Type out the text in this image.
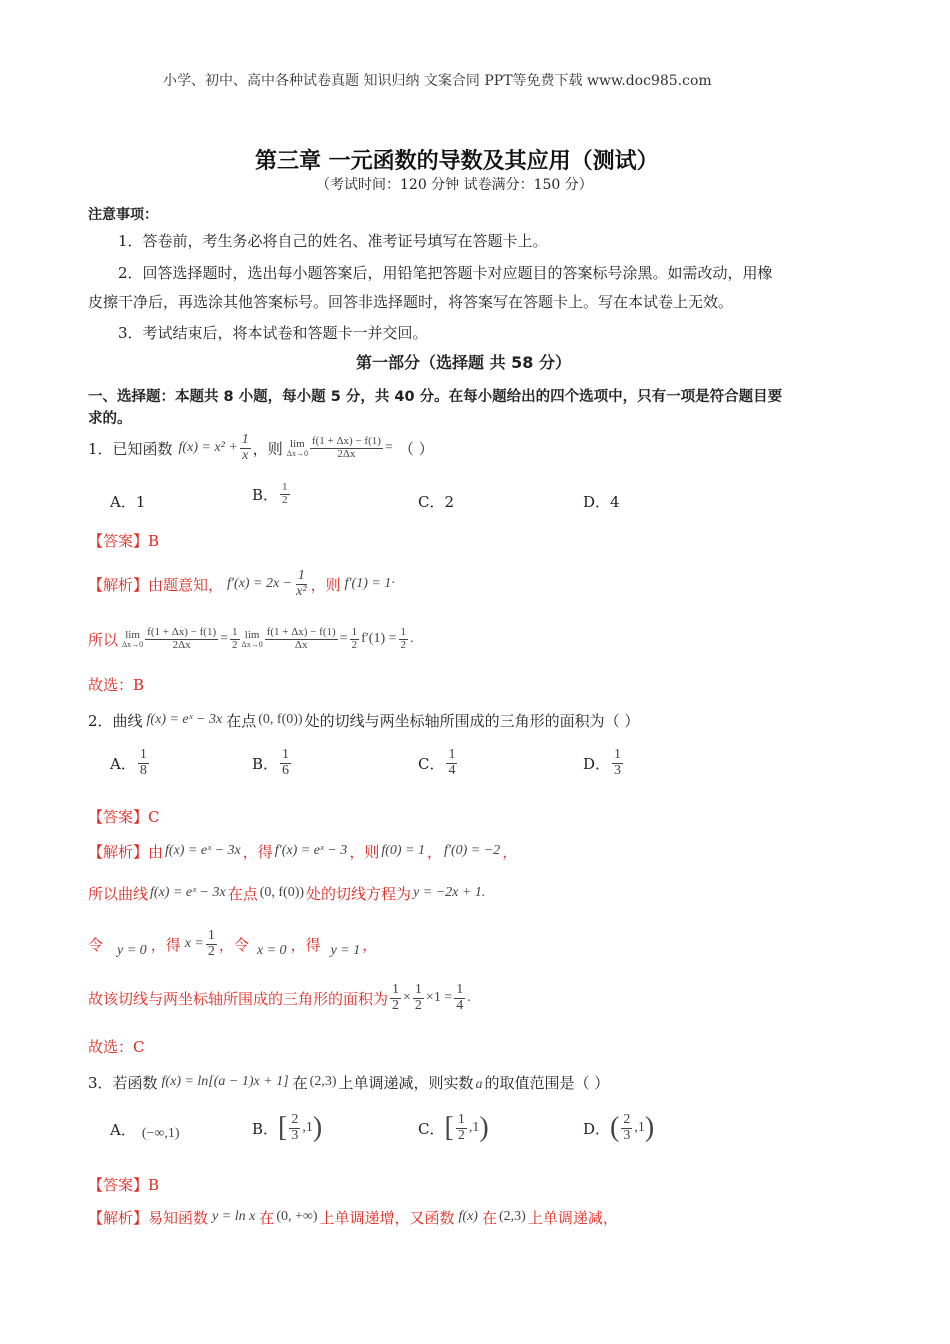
小学、初中、高中各种试卷真题 知识归纳 文案合同 PPT等免费下载 www.doc985.com
第三章 一元函数的导数及其应用（测试）
（考试时间：120 分钟 试卷满分：150 分）
注意事项：
1．答卷前，考生务必将自己的姓名、准考证号填写在答题卡上。
2．回答选择题时，选出每小题答案后，用铅笔把答题卡对应题目的答案标号涂黑。如需改动，用橡
皮擦干净后，再选涂其他答案标号。回答非选择题时，将答案写在答题卡上。写在本试卷上无效。
3．考试结束后，将本试卷和答题卡一并交回。
第一部分（选择题 共 58 分）
一、选择题：本题共 8 小题，每小题 5 分，共 40 分。在每小题给出的四个选项中，只有一项是符合题目要
求的。
1．已知函数 $f(x) = x^2 + \frac{1}{x}$ ，则 lim
$\Delta x\to 0 \frac{f(1 + \Delta x) - f(1)}{2\Delta x}$ = （ ）
A．1	B． $\frac{1}{2}$	C．2	D．4
【答案】B
【解析】 由题意知， $f'(x) = 2x - \frac{1}{\text{x²}}$ ，则 f′(1) = 1·
所以 lim
$\Delta x\to 0 \frac{f(1 + \Delta x) - f(1)}{2\Delta x} = \frac{1}{2}$ lim
$\Delta x\to 0 \frac{f(1 + \Delta x) - f(1)}{\Delta x} = \frac{1}{2} f'(1) = \frac{1}{2}$ .
故选：B
2．曲线 f(x) = eˣ − 3x 在点 (0, f(0)) 处的切线与两坐标轴所围成的三角形的面积为（ ）
A． $\frac{1}{8}$	B． $\frac{1}{6}$	C． $\frac{1}{4}$	D． $\frac{1}{3}$
【答案】C
【解析】 由 f(x) = eˣ − 3x ，得 f′(x) = eˣ − 3 ，则 f(0) = 1 ， f′(0) = −2 ，
所以曲线 f(x) = eˣ − 3x 在点 (0, f(0)) 处的切线方程为 y = −2x + 1.
令 y = 0 ，得 $x = \frac{1}{2}$ ，令 x = 0 ，得 y = 1 ，
故该切线与两坐标轴所围成的三角形的面积为 $\frac{1}{2} \times \frac{1}{2} \times 1 = \frac{1}{4}$ .
故选：C
3．若函数 f(x) = ln[(a − 1)x + 1] 在 (2,3) 上单调递减，则实数 a 的取值范围是（ ）
A． (−∞,1)	B． [ $\frac{2}{3} ,1$ )	C． [ $\frac{1}{2} ,1$ )	D． ( $\frac{2}{3} ,1$ )
【答案】B
【解析】 易知函数 y = ln x 在 (0, +∞) 上单调递增，又函数 f(x) 在 (2,3) 上单调递减，
